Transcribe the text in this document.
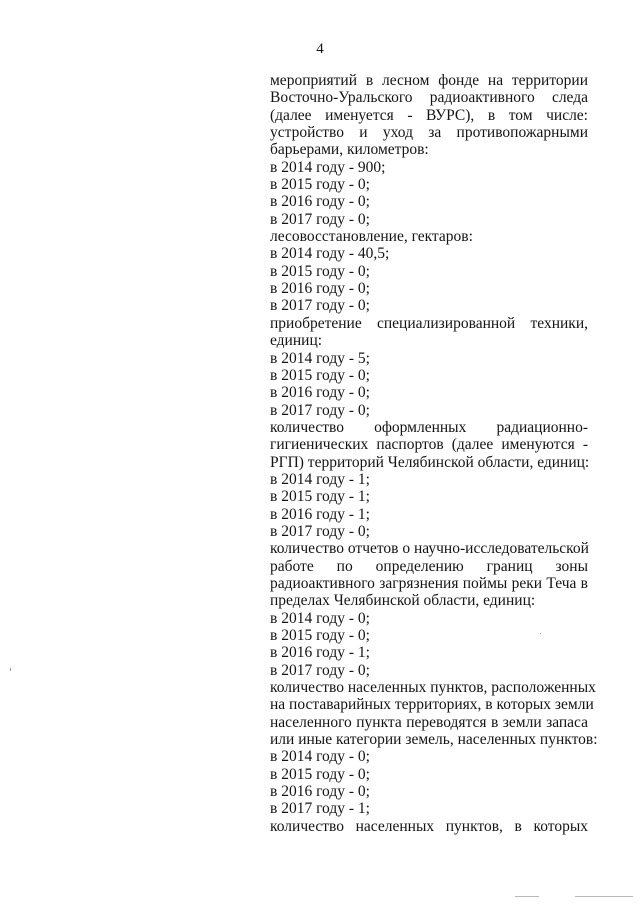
4
мероприятий в лесном фонде на территории
Восточно-Уральского радиоактивного следа
(далее именуется - ВУРС), в том числе:
устройство и уход за противопожарными
барьерами, километров:
в 2014 году - 900;
в 2015 году - 0;
в 2016 году - 0;
в 2017 году - 0;
лесовосстановление, гектаров:
в 2014 году - 40,5;
в 2015 году - 0;
в 2016 году - 0;
в 2017 году - 0;
приобретение специализированной техники,
единиц:
в 2014 году - 5;
в 2015 году - 0;
в 2016 году - 0;
в 2017 году - 0;
количество оформленных радиационно-
гигиенических паспортов (далее именуются -
РГП) территорий Челябинской области, единиц:
в 2014 году - 1;
в 2015 году - 1;
в 2016 году - 1;
в 2017 году - 0;
количество отчетов о научно-исследовательской
работе по определению границ зоны
радиоактивного загрязнения поймы реки Теча в
пределах Челябинской области, единиц:
в 2014 году - 0;
в 2015 году - 0;
в 2016 году - 1;
в 2017 году - 0;
количество населенных пунктов, расположенных
на поставарийных территориях, в которых земли
населенного пункта переводятся в земли запаса
или иные категории земель, населенных пунктов:
в 2014 году - 0;
в 2015 году - 0;
в 2016 году - 0;
в 2017 году - 1;
количество населенных пунктов, в которых
